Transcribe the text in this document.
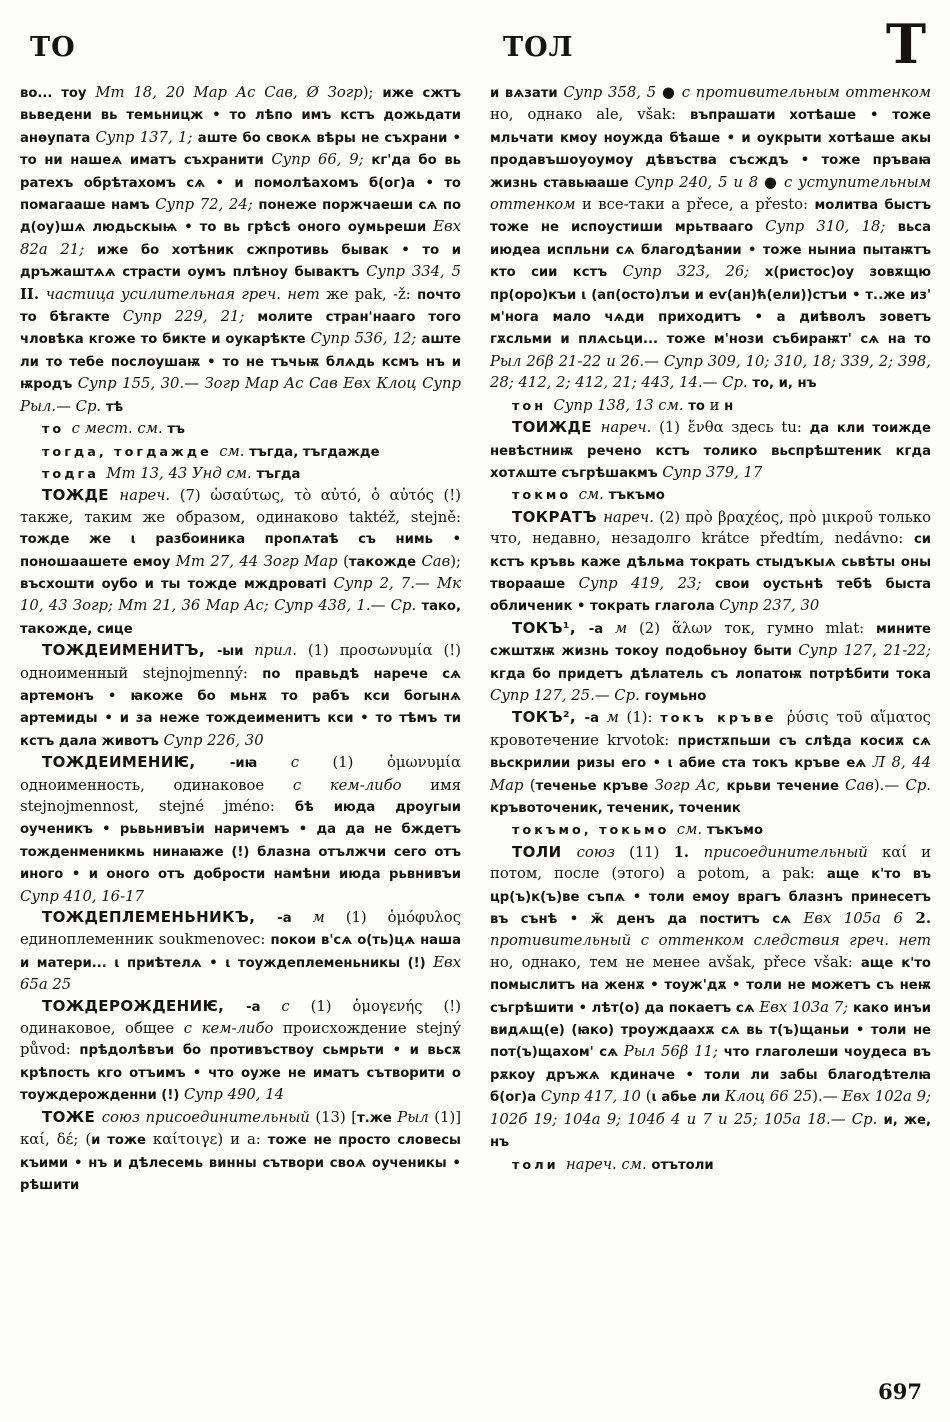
ТО	ТОЛ	Т

во... тоу Мт 18, 20 Мар Ас Сав, Ø Зогр); иже сжтъ вьведени вь темьницж • то лѣпо имъ кстъ дожьдати анѳупата Супр 137, 1; аште бо свокѧ вѣры не съхрани • то ни нашеѧ иматъ съхранити Супр 66, 9; кг'да бо вь ратехъ обрѣтахомъ сѧ • и помолѣахомъ б(ог)а • то помагааше намъ Супр 72, 24; понеже поржчаеши сѧ по д(оу)шѧ людьскыѩ • то вь грѣсѣ оного оумьреши Евх 82а 21; иже бо хотѣник сжпротивь бывак • то и дръжаштѧѧ страсти оумъ плѣноу бывактъ Супр 334, 5 II. частица усилительная греч. нет же pak, -ž: почто то бѣгакте Супр 229, 21; молите стран'нааго того чловѣка кгоже то бикте и оукарѣкте Супр 536, 12; аште ли то тебе послоушаѭ • то не тъчьѭ блѧдь ксмъ нъ и ѭродъ Супр 155, 30.— Зогр Мар Ас Сав Евх Клоц Супр Рыл.— Ср. тѣ

то с мест. см. тъ

тогда, тогдажде см. тъгда, тъгдажде

тодга Мт 13, 43 Унд см. тъгда

ТОЖДЕ нареч. (7) ὡσαύτως, τὸ αὐτό, ὁ αὐτός (!) также, таким же образом, одинаково taktéž, stejně: тожде же ι разбоиника пропѧтаѣ съ нимь • поношаашете емоу Мт 27, 44 Зогр Мар (такожде Сав); въсхошти оубо и ты тожде мждроваті Супр 2, 7.— Мк 10, 43 Зогр; Мт 21, 36 Мар Ас; Супр 438, 1.— Ср. тако, такожде, сице

ТОЖДЕИМЕНИТЪ, -ыи прил. (1) προσωνυμία (!) одноименный stejnojmenný: по правьдѣ нарече сѧ артемонъ • ꙗкоже бо мьнѫ то рабъ кси богынѧ артемиды • и за неже тождеименитъ кси • то тѣмъ ти кстъ дала животъ Супр 226, 30

ТОЖДЕИМЕНИѤ, -иꙗ с (1) ὁμωνυμία одноименность, одинаковое с кем-либо имя stejnojmennost, stejné jméno: бѣ июда дроугыи оученикъ • рьвьнивъіи наричемъ • да да не бждетъ тожденменикмь нинаꙗже (!) блазна отължчи сего отъ иного • и оного отъ добрости намѣни июда рьвнивъи Супр 410, 16-17

ТОЖДЕПЛЕМЕНЬНИКЪ, -а м (1) ὁμόφυλος единоплеменник soukmenovec: покои в'сѧ о(ть)цѧ наша и матери... ι приѣтелѧ • ι тоуждеплеменьникы (!) Евх 65а 25

ТОЖДЕРОЖДЕНИѤ, -а с (1) ὁμογενής (!) одинаковое, общее с кем-либо происхождение stejný původ: прѣдолѣвъи бо противъствоу сьмрьти • и вьсѫ крѣпость кго отъимъ • что оуже не иматъ сътворити о тоуждерожденни (!) Супр 490, 14

ТОЖЕ союз присоединительный (13) [т.же Рыл (1)] καί, δέ; (и тоже καίτοιγε) и а: тоже не просто словесы къими • нъ и дѣлесемь винны сътвори своѧ оученикы • рѣшити

и вѧзати Супр 358, 5 ● с противительным оттенком но, однако ale, však: въпрашати хотѣаше • тоже мльчати кмоу ноужда бѣаше • и оукрыти хотѣаше акы продавъшоуоумоу дѣвъства съсждъ • тоже пръваꙗ жизнь ставьꙗаше Супр 240, 5 и 8 ● с уступительным оттенком и все-таки a přece, a přesto: молитва быстъ тоже не испоустиши мрьтвааго Супр 310, 18; вьса июдеа испльни сѧ благодѣании • тоже ныниа пытаѭтъ кто сии кстъ Супр 323, 26; х(ристос)оу зовѫщю пр(оро)къи ι (ап(осто)лъи и еѵ(ан)ћ(ели))стъи • т..же из' м'нога мало чѧди приходитъ • а диѣволъ зоветъ гѫсльми и плѧсьци... тоже м'нози събираѭт' сѧ на то Рыл 26β 21-22 и 26.— Супр 309, 10; 310, 18; 339, 2; 398, 28; 412, 2; 412, 21; 443, 14.— Ср. то, и, нъ

тон Супр 138, 13 см. то и н

ТОИЖДЕ нареч. (1) ἔνθα здесь tu: да кли тоижде невѣстниѭ речено кстъ толико вьспрѣштеник кгда хотѧште съгрѣшакмъ Супр 379, 17

токмо см. тъкъмо

ТОКРАТЪ нареч. (2) πρὸ βραχέος, πρὸ μικροῦ только что, недавно, незадолго krátce předtím, nedávno: си кстъ кръвь каже дѣльма тократь стыдъкыѧ сьвѣты оны творааше Супр 419, 23; свои оустьнѣ тебѣ быста обличеник • тократь глагола Супр 237, 30

ТОКЪ¹, -а м (2) ἅλων ток, гумно mlat: мините сжштѫѭ жизнь токоу подобьноу быти Супр 127, 21-22; кгда бо придетъ дѣлатель съ лопатоѭ потрѣбити тока Супр 127, 25.— Ср. гоумьно

ТОКЪ², -а м (1): токъ кръве ῥύσις τοῦ αἵματος кровотечение krvotok: пристѫпьши съ слѣда косиѫ сѧ вьскрилии ризы его • ι абие ста токъ кръве еѧ Л 8, 44 Мар (теченье кръве Зогр Ас, крьви течение Сав).— Ср. кръвоточеник, теченик, точеник

токъмо, токьмо см. тъкъмо

ТОЛИ союз (11) 1. присоединительный καί и потом, после (этого) a potom, a pak: аще к'то въ цр(ъ)к(ъ)ве съпѧ • толи емоу врагъ блазнъ принесетъ въ сънѣ • ж̃ денъ да поститъ сѧ Евх 105а 6 2. противительный с оттенком следствия греч. нет но, однако, тем не менее avšak, přece však: аще к'то помыслитъ на женѫ • тоуж'дѫ • толи не можетъ съ неѭ съгрѣшити • лѣт(о) да покаетъ сѧ Евх 103а 7; како инъи видѧщ(е) (ꙗко) троуждаахѫ сѧ вь т(ъ)щаньи • толи не пот(ъ)щахом' сѧ Рыл 56β 11; что глаголеши чоудеса въ рѫкоу дръжѧ кдиначе • толи ли забы благодѣтелꙗ б(ог)а Супр 417, 10 (ι абье ли Клоц 66 25).— Евх 102а 9; 102б 19; 104а 9; 104б 4 и 7 и 25; 105а 18.— Ср. и, же, нъ

толи нареч. см. отътоли

697
